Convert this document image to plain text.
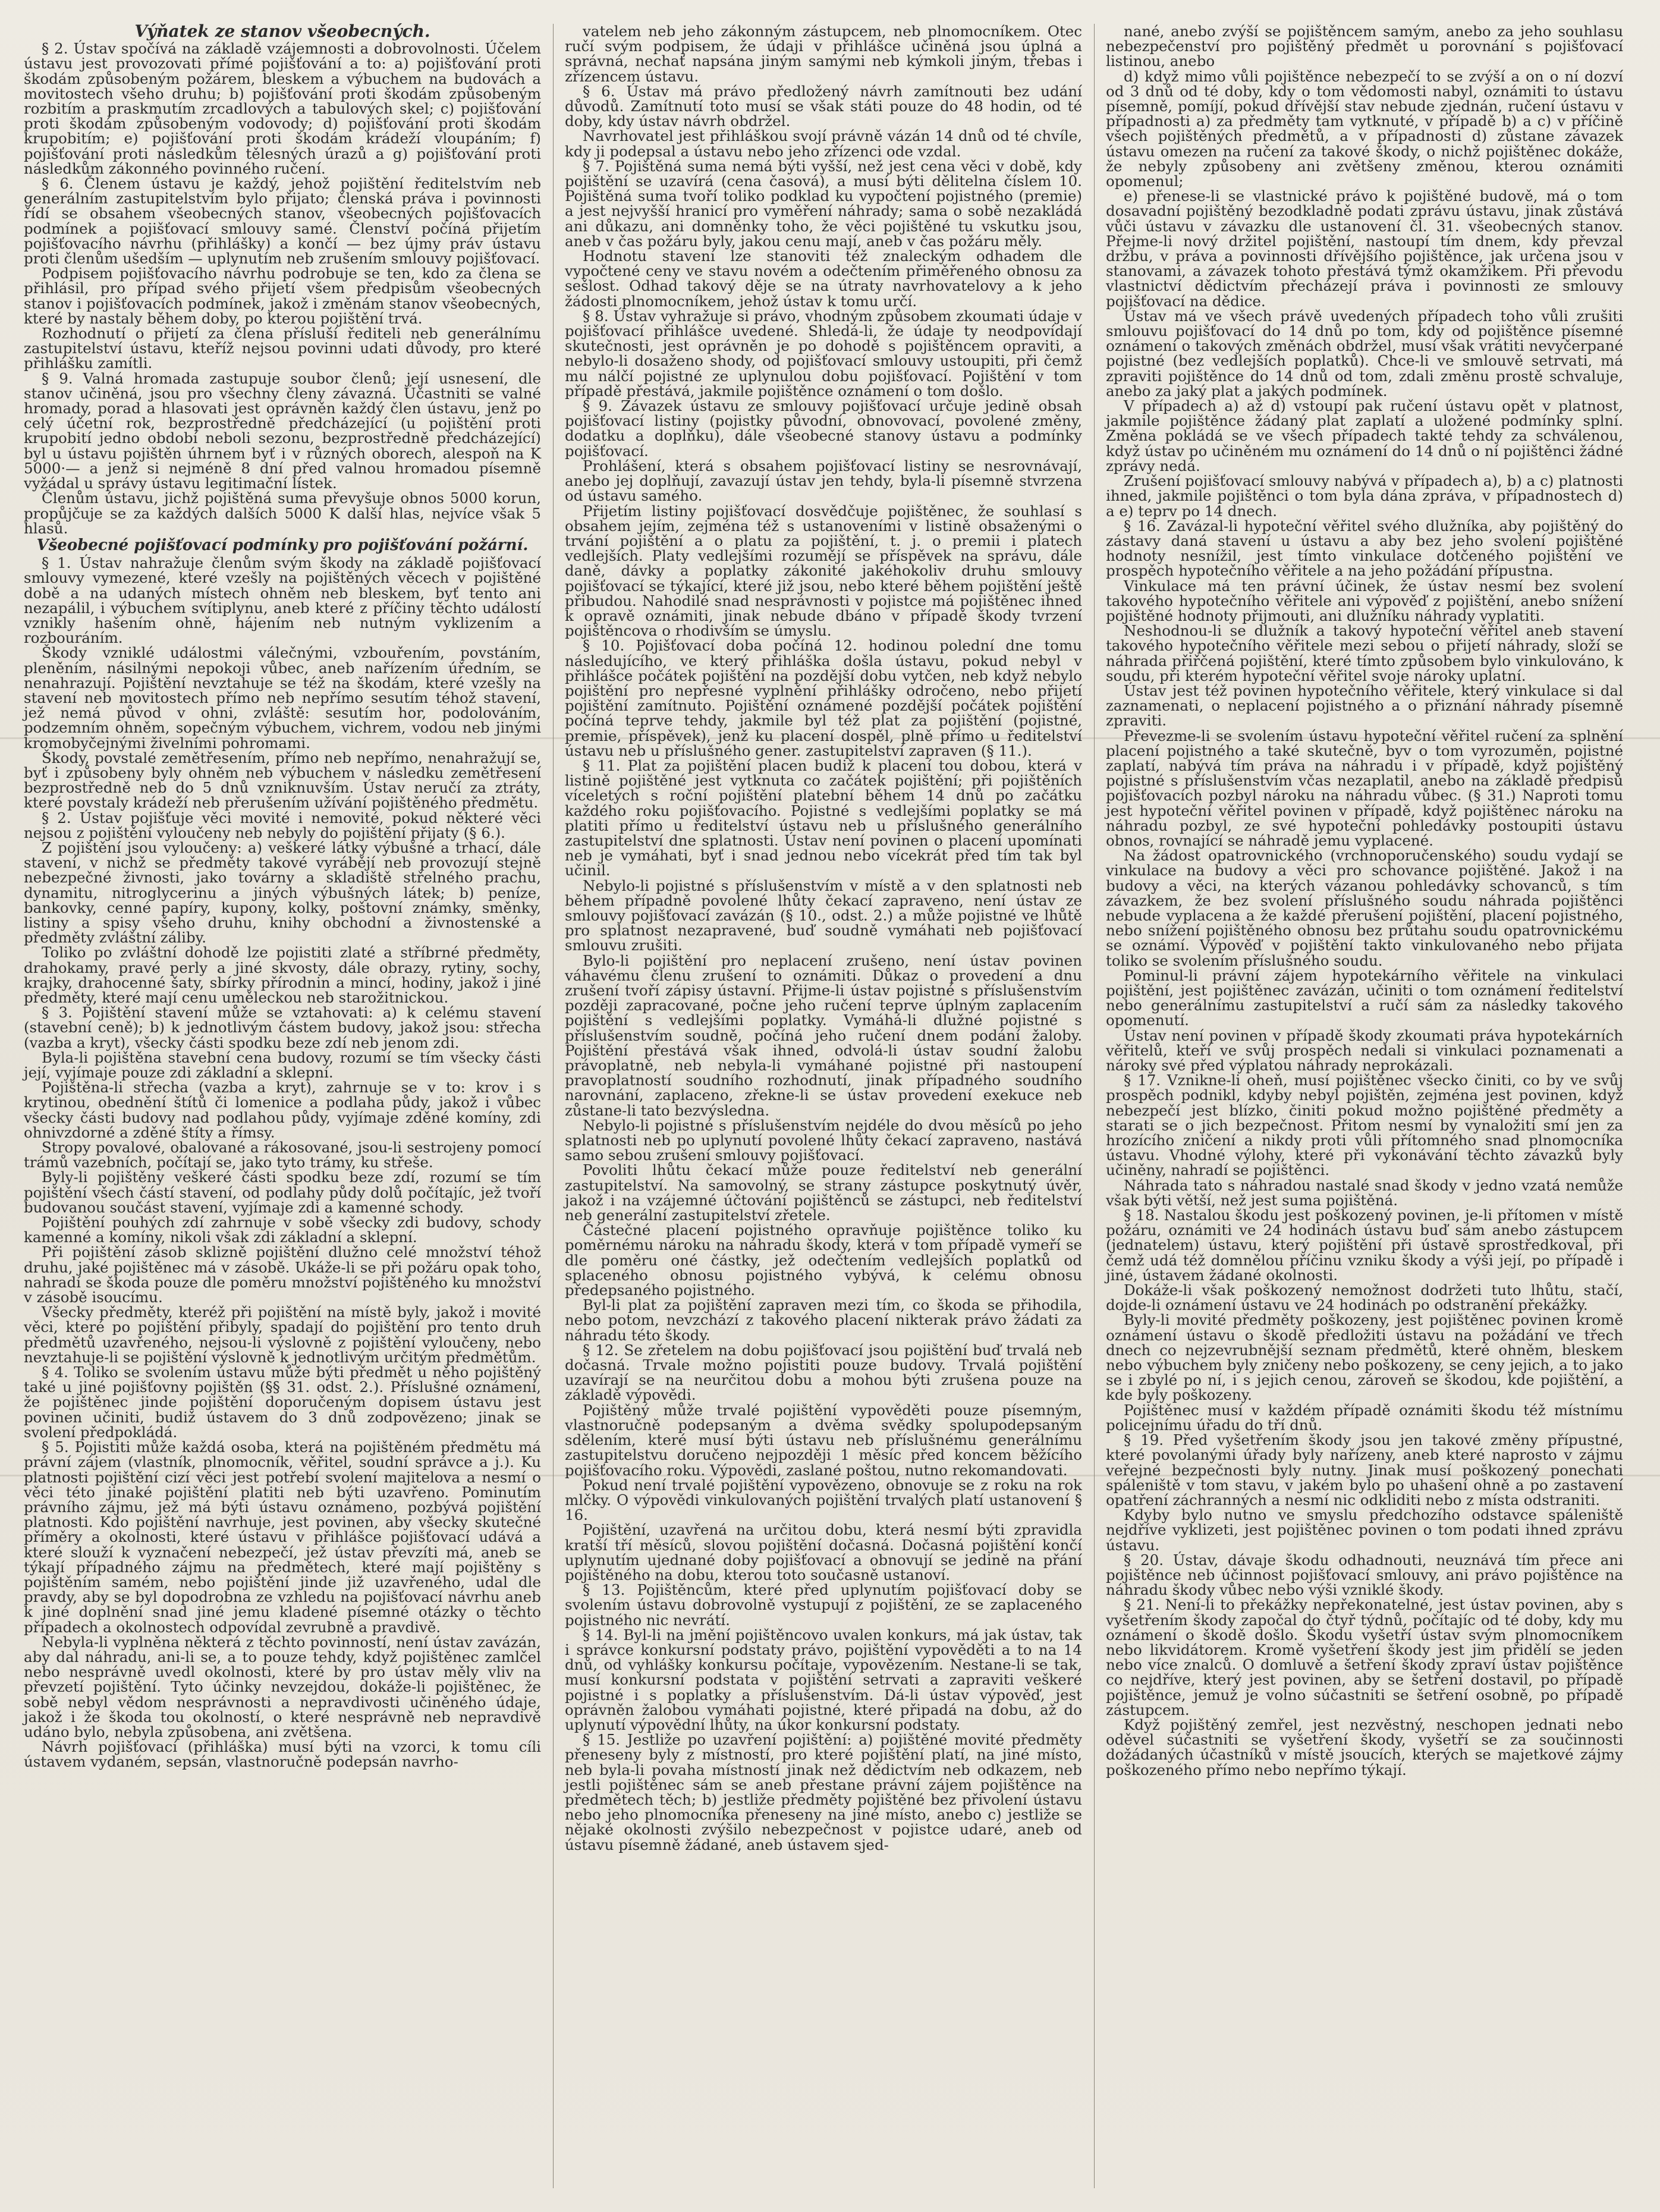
Výňatek ze stanov všeobecných.

§ 2. Ústav spočívá na základě vzájemnosti a dobrovolnosti. Účelem ústavu jest provozovati přímé pojišťování a to: a) pojišťování proti škodám způsobeným požárem, bleskem a výbuchem na budovách a movitostech všeho druhu; b) pojišťování proti škodám způsobeným rozbitím a praskmutím zrcadlových a tabulových skel; c) pojišťování proti škodám způsobeným vodovody; d) pojišťování proti škodám krupobitím; e) pojišťování proti škodám krádeží vloupáním; f) pojišťování proti následkům tělesných úrazů a g) pojišťování proti následkům zákonného povinného ručení.

§ 6. Členem ústavu je každý, jehož pojištění ředitelstvím neb generálním zastupitelstvím bylo přijato; členská práva i povinnosti řídí se obsahem všeobecných stanov, všeobecných pojišťovacích podmínek a pojišťovací smlouvy samé. Členství počíná přijetím pojišťovacího návrhu (přihlášky) a končí — bez újmy práv ústavu proti členům ušedším — uplynutím neb zrušením smlouvy pojišťovací.

Podpisem pojišťovacího návrhu podrobuje se ten, kdo za člena se přihlásil, pro případ svého přijetí všem předpisům všeobecných stanov i pojišťovacích podmínek, jakož i změnám stanov všeobecných, které by nastaly během doby, po kterou pojištění trvá.

Rozhodnutí o přijetí za člena přísluší řediteli neb generálnímu zastupitelství ústavu, kteříž nejsou povinni udati důvody, pro které přihlášku zamítli.

§ 9. Valná hromada zastupuje soubor členů; její usnesení, dle stanov učiněná, jsou pro všechny členy závazná. Účastniti se valné hromady, porad a hlasovati jest oprávněn každý člen ústavu, jenž po celý účetní rok, bezprostředně předcházející (u pojištění proti krupobití jedno období neboli sezonu, bezprostředně předcházející) byl u ústavu pojištěn úhrnem byť i v různých oborech, alespoň na K 5000·— a jenž si nejméně 8 dní před valnou hromadou písemně vyžádal u správy ústavu legitimační lístek.

Členům ústavu, jichž pojištěná suma převyšuje obnos 5000 korun, propůjčuje se za každých dalších 5000 K další hlas, nejvíce však 5 hlasů.

Všeobecné pojišťovací podmínky pro pojišťování požární.

§ 1. Ústav nahražuje členům svým škody na základě pojišťovací smlouvy vymezené, které vzešly na pojištěných věcech v pojištěné době a na udaných místech ohněm neb bleskem, byť tento ani nezapálil, i výbuchem svítiplynu, aneb které z příčiny těchto událostí vznikly hašením ohně, hájením neb nutným vyklizením a rozbouráním.

Škody vzniklé událostmi válečnými, vzbouřením, povstáním, pleněním, násilnými nepokoji vůbec, aneb nařízením úředním, se nenahrazují. Pojištění nevztahuje se též na škodám, které vzešly na stavení neb movitostech přímo neb nepřímo sesutím téhož stavení, jež nemá původ v ohni, zvláště: sesutím hor, podolováním, podzemním ohněm, sopečným výbuchem, vichrem, vodou neb jinými kromobyčejnými živelními pohromami.

Škody, povstalé zemětřesením, přímo neb nepřímo, nenahražují se, byť i způsobeny byly ohněm neb výbuchem v následku zemětřesení bezprostředně neb do 5 dnů vzniknuvším. Ústav neručí za ztráty, které povstaly krádeží neb přerušením užívání pojištěného předmětu.

§ 2. Ústav pojišťuje věci movité i nemovité, pokud některé věci nejsou z pojištění vyloučeny neb nebyly do pojištění přijaty (§ 6.).

Z pojištění jsou vyloučeny: a) veškeré látky výbušné a trhací, dále stavení, v nichž se předměty takové vyrábějí neb provozují stejně nebezpečné živnosti, jako továrny a skladiště střelného prachu, dynamitu, nitroglycerinu a jiných výbušných látek; b) peníze, bankovky, cenné papíry, kupony, kolky, poštovní známky, směnky, listiny a spisy všeho druhu, knihy obchodní a živnostenské a předměty zvláštní záliby.

Toliko po zvláštní dohodě lze pojistiti zlaté a stříbrné předměty, drahokamy, pravé perly a jiné skvosty, dále obrazy, rytiny, sochy, krajky, drahocenné šaty, sbírky přírodnin a mincí, hodiny, jakož i jiné předměty, které mají cenu uměleckou neb starožitnickou.

§ 3. Pojištění stavení může se vztahovati: a) k celému stavení (stavební ceně); b) k jednotlivým částem budovy, jakož jsou: střecha (vazba a kryt), všecky části spodku beze zdí neb jenom zdi.

Byla-li pojištěna stavební cena budovy, rozumí se tím všecky části její, vyjímaje pouze zdi základní a sklepní.

Pojištěna-li střecha (vazba a kryt), zahrnuje se v to: krov i s krytinou, obednění štítů či lomenice a podlaha půdy, jakož i vůbec všecky části budovy nad podlahou půdy, vyjímaje zděné komíny, zdi ohnivzdorné a zděné štíty a římsy.

Stropy povalové, obalované a rákosované, jsou-li sestrojeny pomocí trámů vazebních, počítají se, jako tyto trámy, ku střeše.

Byly-li pojištěny veškeré části spodku beze zdí, rozumí se tím pojištění všech částí stavení, od podlahy půdy dolů počítajíc, jež tvoří budovanou součást stavení, vyjímaje zdi a kamenné schody.

Pojištění pouhých zdí zahrnuje v sobě všecky zdi budovy, schody kamenné a komíny, nikoli však zdi základní a sklepní.

Při pojištění zásob sklizně pojištění dlužno celé množství téhož druhu, jaké pojištěnec má v zásobě. Ukáže-li se při požáru opak toho, nahradí se škoda pouze dle poměru množství pojištěného ku množství v zásobě isoucímu.

Všecky předměty, kteréž při pojištění na místě byly, jakož i movité věci, které po pojištění přibyly, spadají do pojištění pro tento druh předmětů uzavřeného, nejsou-li výslovně z pojištění vyloučeny, nebo nevztahuje-li se pojištění výslovně k jednotlivým určitým předmětům.

§ 4. Toliko se svolením ústavu může býti předmět u něho pojištěný také u jiné pojišťovny pojištěn (§§ 31. odst. 2.). Příslušné oznámení, že pojištěnec jinde pojištění doporučeným dopisem ústavu jest povinen učiniti, budiž ústavem do 3 dnů zodpovězeno; jinak se svolení předpokládá.

§ 5. Pojistiti může každá osoba, která na pojištěném předmětu má právní zájem (vlastník, plnomocník, věřitel, soudní správce a j.). Ku platnosti pojištění cizí věci jest potřebí svolení majitelova a nesmí o věci této jinaké pojištění platiti neb býti uzavřeno. Pominutím právního zájmu, jež má býti ústavu oznámeno, pozbývá pojištění platnosti. Kdo pojištění navrhuje, jest povinen, aby všecky skutečné příměry a okolnosti, které ústavu v přihlášce pojišťovací udává a které slouží k vyznačení nebezpečí, jež ústav převzíti má, aneb se týkají případného zájmu na předmětech, které mají pojištěny s pojištěním samém, nebo pojištění jinde již uzavřeného, udal dle pravdy, aby se byl dopodrobna ze vzhledu na pojišťovací návrhu aneb k jiné doplnění snad jiné jemu kladené písemné otázky o těchto případech a okolnostech odpovídal zevrubně a pravdivě.

Nebyla-li vyplněna některá z těchto povinností, není ústav zavázán, aby dal náhradu, ani-li se, a to pouze tehdy, když pojištěnec zamlčel nebo nesprávně uvedl okolnosti, které by pro ústav měly vliv na převzetí pojištění. Tyto účinky nevzejdou, dokáže-li pojištěnec, že sobě nebyl vědom nesprávnosti a nepravdivosti učiněného údaje, jakož i že škoda tou okolností, o které nesprávně neb nepravdivě udáno bylo, nebyla způsobena, ani zvětšena.

Návrh pojišťovací (přihláška) musí býti na vzorci, k tomu cíli ústavem vydaném, sepsán, vlastnoručně podepsán navrho-

vatelem neb jeho zákonným zástupcem, neb plnomocníkem. Otec ručí svým podpisem, že údaji v přihlášce učiněná jsou úplná a správná, nechať napsána jiným samými neb kýmkoli jiným, třebas i zřízencem ústavu.

§ 6. Ústav má právo předložený návrh zamítnouti bez udání důvodů. Zamítnutí toto musí se však státi pouze do 48 hodin, od té doby, kdy ústav návrh obdržel.

Navrhovatel jest přihláškou svojí právně vázán 14 dnů od té chvíle, kdy ji podepsal a ústavu nebo jeho zřízenci ode vzdal.

§ 7. Pojištěná suma nemá býti vyšší, než jest cena věci v době, kdy pojištění se uzavírá (cena časová), a musí býti dělitelna číslem 10. Pojištěná suma tvoří toliko podklad ku vypočtení pojistného (premie) a jest nejvyšší hranicí pro vyměření náhrady; sama o sobě nezakládá ani důkazu, ani domněnky toho, že věci pojištěné tu vskutku jsou, aneb v čas požáru byly, jakou cenu mají, aneb v čas požáru měly.

Hodnotu stavení lze stanoviti též znaleckým odhadem dle vypočtené ceny ve stavu novém a odečtením přiměřeného obnosu za sešlost. Odhad takový děje se na útraty navrhovatelovy a k jeho žádosti plnomocníkem, jehož ústav k tomu určí.

§ 8. Ústav vyhražuje si právo, vhodným způsobem zkoumati údaje v pojišťovací přihlášce uvedené. Shledá-li, že údaje ty neodpovídají skutečnosti, jest oprávněn je po dohodě s pojištěncem opraviti, a nebylo-li dosaženo shody, od pojišťovací smlouvy ustoupiti, při čemž mu nálčí pojistné ze uplynulou dobu pojišťovací. Pojištění v tom případě přestává, jakmile pojištěnce oznámení o tom došlo.

§ 9. Závazek ústavu ze smlouvy pojišťovací určuje jedině obsah pojišťovací listiny (pojistky původní, obnovovací, povolené změny, dodatku a doplňku), dále všeobecné stanovy ústavu a podmínky pojišťovací.

Prohlášení, která s obsahem pojišťovací listiny se nesrovnávají, anebo jej doplňují, zavazují ústav jen tehdy, byla-li písemně stvrzena od ústavu samého.

Přijetím listiny pojišťovací dosvědčuje pojištěnec, že souhlasí s obsahem jejím, zejména též s ustanoveními v listině obsaženými o trvání pojištění a o platu za pojištění, t. j. o premii i platech vedlejších. Platy vedlejšími rozumějí se příspěvek na správu, dále daně, dávky a poplatky zákonité jakéhokoliv druhu smlouvy pojišťovací se týkající, které již jsou, nebo které během pojištění ještě přibudou. Nahodilé snad nesprávnosti v pojistce má pojištěnec ihned k opravě oznámiti, jinak nebude dbáno v případě škody tvrzení pojištěncova o rhodivším se úmyslu.

§ 10. Pojišťovací doba počíná 12. hodinou polední dne tomu následujícího, ve který přihláška došla ústavu, pokud nebyl v přihlášce počátek pojištění na pozdější dobu vytčen, neb když nebylo pojištění pro nepřesné vyplnění přihlášky odročeno, nebo přijetí pojištění zamítnuto. Pojištění oznámené pozdější počátek pojištění počíná teprve tehdy, jakmile byl též plat za pojištění (pojistné, premie, příspěvek), jenž ku placení dospěl, plně přímo u ředitelství ústavu neb u příslušného gener. zastupitelství zapraven (§ 11.).

§ 11. Plat za pojištění placen budiž k placení tou dobou, která v listině pojištěné jest vytknuta co začátek pojištění; při pojištěních víceletých s roční pojištění platební během 14 dnů po začátku každého roku pojišťovacího. Pojistné s vedlejšími poplatky se má platiti přímo u ředitelství ústavu neb u příslušného generálního zastupitelství dne splatnosti. Ústav není povinen o placení upomínati neb je vymáhati, byť i snad jednou nebo vícekrát před tím tak byl učinil.

Nebylo-li pojistné s příslušenstvím v místě a v den splatnosti neb během případně povolené lhůty čekací zapraveno, není ústav ze smlouvy pojišťovací zavázán (§ 10., odst. 2.) a může pojistné ve lhůtě pro splatnost nezapravené, buď soudně vymáhati neb pojišťovací smlouvu zrušiti.

Bylo-li pojištění pro neplacení zrušeno, není ústav povinen váhavému členu zrušení to oznámiti. Důkaz o provedení a dnu zrušení tvoří zápisy ústavní. Přijme-li ústav pojistné s příslušenstvím později zapracované, počne jeho ručení teprve úplným zaplacením pojištění s vedlejšími poplatky. Vymáhá-li dlužné pojistné s příslušenstvím soudně, počíná jeho ručení dnem podání žaloby. Pojištění přestává však ihned, odvolá-li ústav soudní žalobu právoplatně, neb nebyla-li vymáhané pojistné při nastoupení pravoplatností soudního rozhodnutí, jinak případného soudního narovnání, zaplaceno, zřekne-li se ústav provedení exekuce neb zůstane-li tato bezvýsledna.

Nebylo-li pojistné s příslušenstvím nejdéle do dvou měsíců po jeho splatnosti neb po uplynutí povolené lhůty čekací zapraveno, nastává samo sebou zrušení smlouvy pojišťovací.

Povoliti lhůtu čekací může pouze ředitelství neb generální zastupitelství. Na samovolný, se strany zástupce poskytnutý úvěr, jakož i na vzájemné účtování pojištěnců se zástupci, neb ředitelství neb generální zastupitelství zřetele.

Částečné placení pojistného opravňuje pojištěnce toliko ku poměrnému nároku na náhradu škody, která v tom případě vymeří se dle poměru oné částky, jež odečtením vedlejších poplatků od splaceného obnosu pojistného vybývá, k celému obnosu předepsaného pojistného.

Byl-li plat za pojištění zapraven mezi tím, co škoda se přihodila, nebo potom, nevzchází z takového placení nikterak právo žádati za náhradu této škody.

§ 12. Se zřetelem na dobu pojišťovací jsou pojištění buď trvalá neb dočasná. Trvale možno pojistiti pouze budovy. Trvalá pojištění uzavírají se na neurčitou dobu a mohou býti zrušena pouze na základě výpovědi.

Pojištěný může trvalé pojištění vypověděti pouze písemným, vlastnoručně podepsaným a dvěma svědky spolupodepsaným sdělením, které musí býti ústavu neb příslušnému generálnímu zastupitelstvu doručeno nejpozději 1 měsíc před koncem běžícího pojišťovacího roku. Výpovědi, zaslané poštou, nutno rekomandovati.

Pokud není trvalé pojištění vypovězeno, obnovuje se z roku na rok mlčky. O výpovědi vinkulovaných pojištění trvalých platí ustanovení § 16.

Pojištění, uzavřená na určitou dobu, která nesmí býti zpravidla kratší tří měsíců, slovou pojištění dočasná. Dočasná pojištění končí uplynutím ujednané doby pojišťovací a obnovují se jedině na přání pojištěného na dobu, kterou toto současně ustanoví.

§ 13. Pojištěncům, které před uplynutím pojišťovací doby se svolením ústavu dobrovolně vystupují z pojištění, ze se zaplaceného pojistného nic nevrátí.

§ 14. Byl-li na jmění pojištěncovo uvalen konkurs, má jak ústav, tak i správce konkursní podstaty právo, pojištění vypověděti a to na 14 dnů, od vyhlášky konkursu počítaje, vypovězením. Nestane-li se tak, musí konkursní podstata v pojištění setrvati a zapraviti veškeré pojistné i s poplatky a příslušenstvím. Dá-li ústav výpověď, jest oprávněn žalobou vymáhati pojistné, které připadá na dobu, až do uplynutí výpovědní lhůty, na úkor konkursní podstaty.

§ 15. Jestliže po uzavření pojištění: a) pojištěné movité předměty přeneseny byly z místností, pro které pojištění platí, na jiné místo, neb byla-li povaha místností jinak než dědictvím neb odkazem, neb jestli pojištěnec sám se aneb přestane právní zájem pojištěnce na předmětech těch; b) jestliže předměty pojištěné bez přivolení ústavu nebo jeho plnomocníka přeneseny na jiné místo, anebo c) jestliže se nějaké okolnosti zvýšilo nebezpečnost v pojistce udaré, aneb od ústavu písemně žádané, aneb ústavem sjed-

nané, anebo zvýší se pojištěncem samým, anebo za jeho souhlasu nebezpečenství pro pojištěný předmět u porovnání s pojišťovací listinou, anebo

d) když mimo vůli pojištěnce nebezpečí to se zvýší a on o ní dozví od 3 dnů od té doby, kdy o tom vědomosti nabyl, oznámiti to ústavu písemně, pomíjí, pokud dřívější stav nebude zjednán, ručení ústavu v případnosti a) za předměty tam vytknuté, v případě b) a c) v příčině všech pojištěných předmětů, a v případnosti d) zůstane závazek ústavu omezen na ručení za takové škody, o nichž pojištěnec dokáže, že nebyly způsobeny ani zvětšeny změnou, kterou oznámiti opomenul;

e) přenese-li se vlastnické právo k pojištěné budově, má o tom dosavadní pojištěný bezodkladně podati zprávu ústavu, jinak zůstává vůči ústavu v závazku dle ustanovení čl. 31. všeobecných stanov. Přejme-li nový držitel pojištění, nastoupí tím dnem, kdy převzal držbu, v práva a povinnosti dřívějšího pojištěnce, jak určena jsou v stanovami, a závazek tohoto přestává týmž okamžikem. Při převodu vlastnictví dědictvím přecházejí práva i povinnosti ze smlouvy pojišťovací na dědice.

Ústav má ve všech právě uvedených případech toho vůli zrušiti smlouvu pojišťovací do 14 dnů po tom, kdy od pojištěnce písemné oznámení o takových změnách obdržel, musí však vrátiti nevyčerpané pojistné (bez vedlejších poplatků). Chce-li ve smlouvě setrvati, má zpraviti pojištěnce do 14 dnů od tom, zdali změnu prostě schvaluje, anebo za jaký plat a jakých podmínek.

V případech a) až d) vstoupí pak ručení ústavu opět v platnost, jakmile pojištěnce žádaný plat zaplatí a uložené podmínky splní. Změna pokládá se ve všech případech takté tehdy za schválenou, když ústav po učiněném mu oznámení do 14 dnů o ní pojištěnci žádné zprávy nedá.

Zrušení pojišťovací smlouvy nabývá v případech a), b) a c) platnosti ihned, jakmile pojištěnci o tom byla dána zpráva, v případnostech d) a e) teprv po 14 dnech.

§ 16. Zavázal-li hypoteční věřitel svého dlužníka, aby pojištěný do zástavy daná stavení u ústavu a aby bez jeho svolení pojištěné hodnoty nesnížil, jest tímto vinkulace dotčeného pojištění ve prospěch hypotečního věřitele a na jeho požádání přípustna.

Vinkulace má ten právní účinek, že ústav nesmí bez svolení takového hypotečního věřitele ani výpověď z pojištění, anebo snížení pojištěné hodnoty přijmouti, ani dlužníku náhrady vyplatiti.

Neshodnou-li se dlužník a takový hypoteční věřitel aneb stavení takového hypotečního věřitele mezi sebou o přijetí náhrady, složí se náhrada přiřčená pojištění, které tímto způsobem bylo vinkulováno, k soudu, při kterém hypoteční věřitel svoje nároky uplatní.

Ústav jest též povinen hypotečního věřitele, který vinkulace si dal zaznamenati, o neplacení pojistného a o přiznání náhrady písemně zpraviti.

Převezme-li se svolením ústavu hypoteční věřitel ručení za splnění placení pojistného a také skutečně, byv o tom vyrozuměn, pojistné zaplatí, nabývá tím práva na náhradu i v případě, když pojištěný pojistné s příslušenstvím včas nezaplatil, anebo na základě předpisů pojišťovacích pozbyl nároku na náhradu vůbec. (§ 31.) Naproti tomu jest hypoteční věřitel povinen v případě, když pojištěnec nároku na náhradu pozbyl, ze své hypoteční pohledávky postoupiti ústavu obnos, rovnající se náhradě jemu vyplacené.

Na žádost opatrovnického (vrchnoporučenského) soudu vydají se vinkulace na budovy a věci pro schovance pojištěné. Jakož i na budovy a věci, na kterých vázanou pohledávky schovanců, s tím závazkem, že bez svolení příslušného soudu náhrada pojištěnci nebude vyplacena a že každé přerušení pojištění, placení pojistného, nebo snížení pojištěného obnosu bez průtahu soudu opatrovnickému se oznámí. Výpověď v pojištění takto vinkulovaného nebo přijata toliko se svolením příslušného soudu.

Pominul-li právní zájem hypotekárního věřitele na vinkulaci pojištění, jest pojištěnec zavázán, učiniti o tom oznámení ředitelství nebo generálnímu zastupitelství a ručí sám za následky takového opomenutí.

Ústav není povinen v případě škody zkoumati práva hypotekárních věřitelů, kteří ve svůj prospěch nedali si vinkulaci poznamenati a nároky své před výplatou náhrady neprokázali.

§ 17. Vznikne-li oheň, musí pojištěnec všecko činiti, co by ve svůj prospěch podnikl, kdyby nebyl pojištěn, zejména jest povinen, když nebezpečí jest blízko, činiti pokud možno pojištěné předměty a starati se o jich bezpečnost. Přitom nesmí by vynaložiti smí jen za hrozícího zničení a nikdy proti vůli přítomného snad plnomocníka ústavu. Vhodné výlohy, které při vykonávání těchto závazků byly učiněny, nahradí se pojištěnci.

Náhrada tato s náhradou nastalé snad škody v jedno vzatá nemůže však býti větší, než jest suma pojištěná.

§ 18. Nastalou škodu jest poškozený povinen, je-li přítomen v místě požáru, oznámiti ve 24 hodinách ústavu buď sám anebo zástupcem (jednatelem) ústavu, který pojištění při ústavě sprostředkoval, při čemž udá též domnělou příčinu vzniku škody a výši její, po případě i jiné, ústavem žádané okolnosti.

Dokáže-li však poškozený nemožnost dodržeti tuto lhůtu, stačí, dojde-li oznámení ústavu ve 24 hodinách po odstranění překážky.

Byly-li movité předměty poškozeny, jest pojištěnec povinen kromě oznámení ústavu o škodě předložiti ústavu na požádání ve třech dnech co nejzevrubnější seznam předmětů, které ohněm, bleskem nebo výbuchem byly zničeny nebo poškozeny, se ceny jejich, a to jako se i zbylé po ní, i s jejich cenou, zároveň se škodou, kde pojištění, a kde byly poškozeny.

Pojištěnec musí v každém případě oznámiti škodu též místnímu policejnímu úřadu do tří dnů.

§ 19. Před vyšetřením škody jsou jen takové změny přípustné, které povolanými úřady byly nařízeny, aneb které naprosto v zájmu veřejné bezpečnosti byly nutny. Jinak musí poškozený ponechati spáleniště v tom stavu, v jakém bylo po uhašení ohně a po zastavení opatření záchranných a nesmí nic odkliditi nebo z místa odstraniti.

Kdyby bylo nutno ve smyslu předchozího odstavce spáleniště nejdříve vyklizeti, jest pojištěnec povinen o tom podati ihned zprávu ústavu.

§ 20. Ústav, dávaje škodu odhadnouti, neuznává tím přece ani pojištěnce neb účinnost pojišťovací smlouvy, ani právo pojištěnce na náhradu škody vůbec nebo výši vzniklé škody.

§ 21. Není-li to překážky nepřekonatelné, jest ústav povinen, aby s vyšetřením škody započal do čtyř týdnů, počítajíc od té doby, kdy mu oznámení o škodě došlo. Škodu vyšetří ústav svým plnomocníkem nebo likvidátorem. Kromě vyšetření škody jest jim přidělí se jeden nebo více znalců. O domluvě a šetření škody zpraví ústav pojištěnce co nejdříve, který jest povinen, aby se šetření dostavil, po případě pojištěnce, jemuž je volno súčastniti se šetření osobně, po případě zástupcem.

Když pojištěný zemřel, jest nezvěstný, neschopen jednati nebo oděvel súčastniti se vyšetření škody, vyšetří se za součinnosti dožádaných účastníků v místě jsoucích, kterých se majetkové zájmy poškozeného přímo nebo nepřímo týkají.
